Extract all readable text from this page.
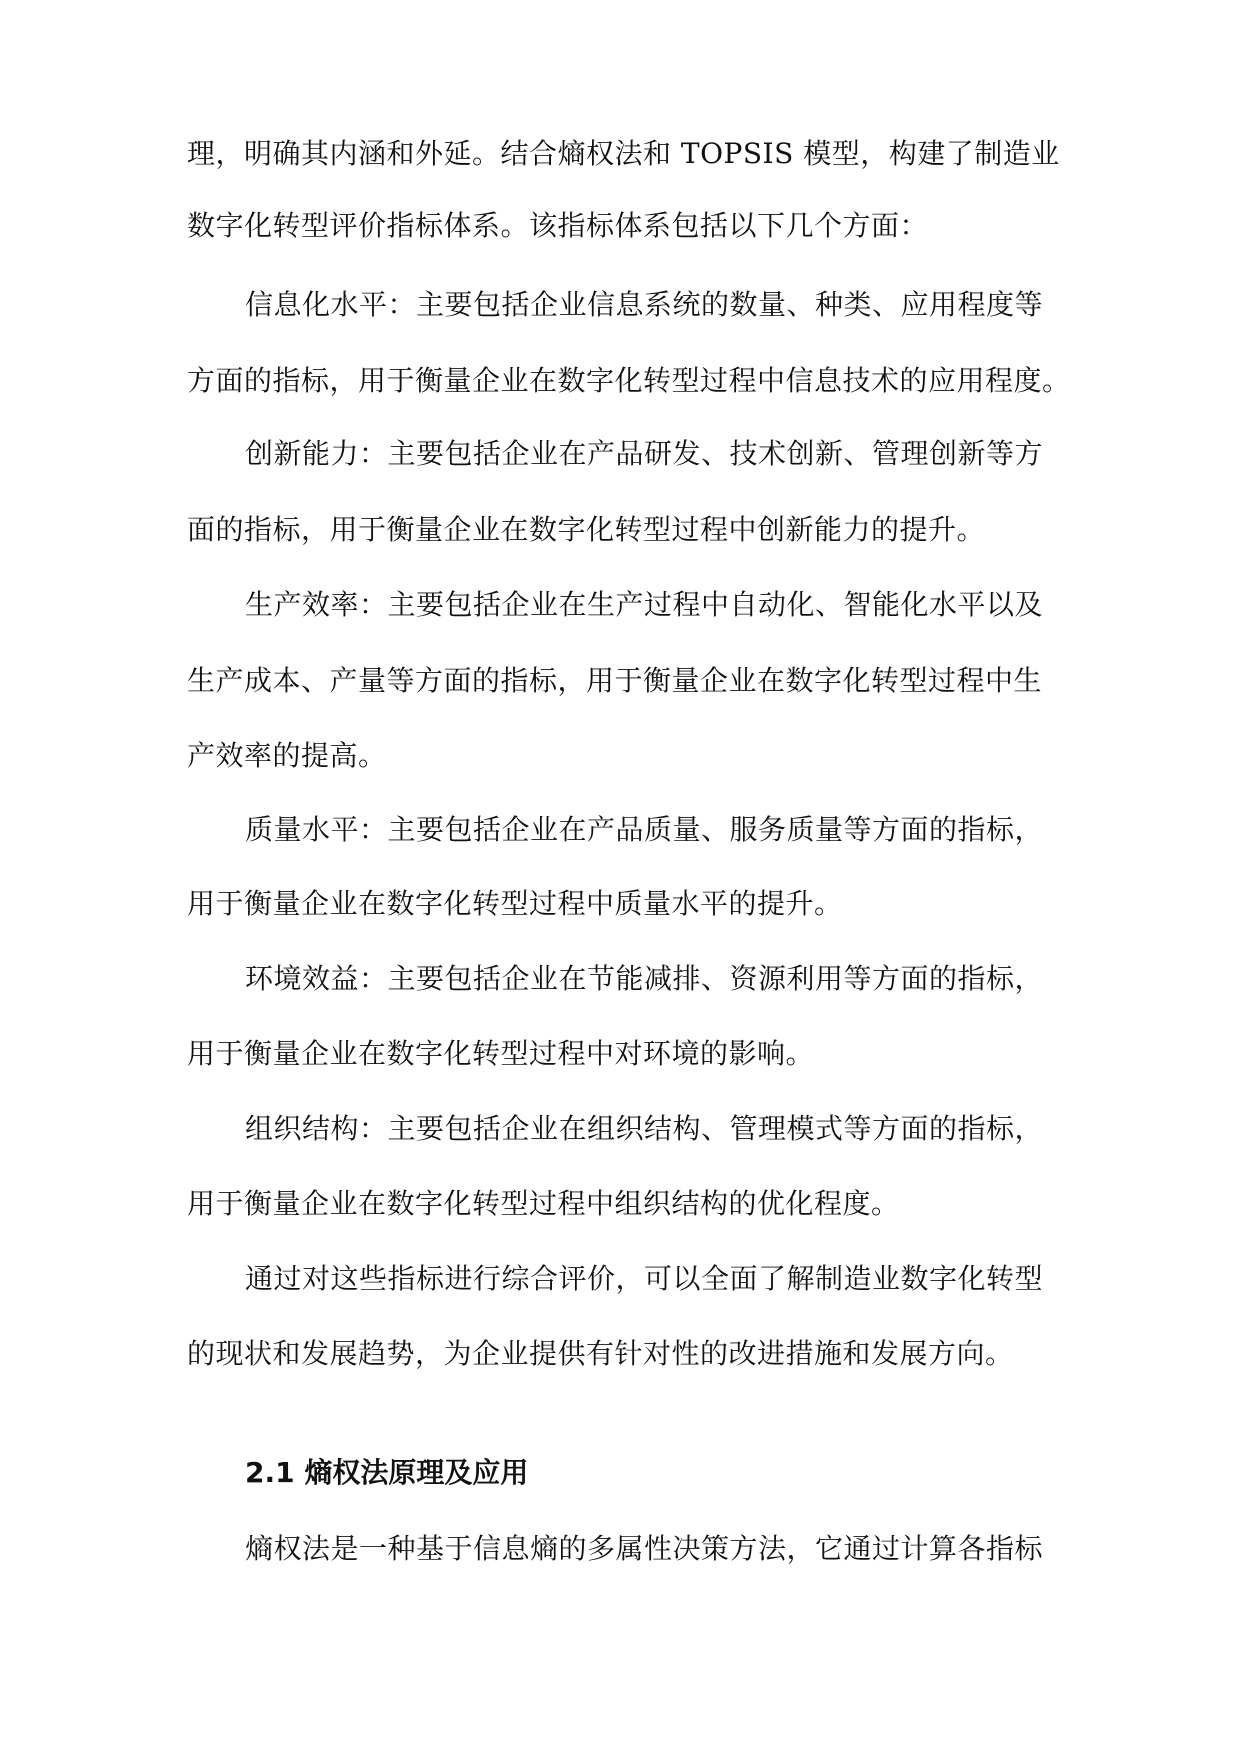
理，明确其内涵和外延。结合熵权法和 TOPSIS 模型，构建了制造业
数字化转型评价指标体系。该指标体系包括以下几个方面：
信息化水平：主要包括企业信息系统的数量、种类、应用程度等
方面的指标，用于衡量企业在数字化转型过程中信息技术的应用程度。
创新能力：主要包括企业在产品研发、技术创新、管理创新等方
面的指标，用于衡量企业在数字化转型过程中创新能力的提升。
生产效率：主要包括企业在生产过程中自动化、智能化水平以及
生产成本、产量等方面的指标，用于衡量企业在数字化转型过程中生
产效率的提高。
质量水平：主要包括企业在产品质量、服务质量等方面的指标，
用于衡量企业在数字化转型过程中质量水平的提升。
环境效益：主要包括企业在节能减排、资源利用等方面的指标，
用于衡量企业在数字化转型过程中对环境的影响。
组织结构：主要包括企业在组织结构、管理模式等方面的指标，
用于衡量企业在数字化转型过程中组织结构的优化程度。
通过对这些指标进行综合评价，可以全面了解制造业数字化转型
的现状和发展趋势，为企业提供有针对性的改进措施和发展方向。
2.1 熵权法原理及应用
熵权法是一种基于信息熵的多属性决策方法，它通过计算各指标
